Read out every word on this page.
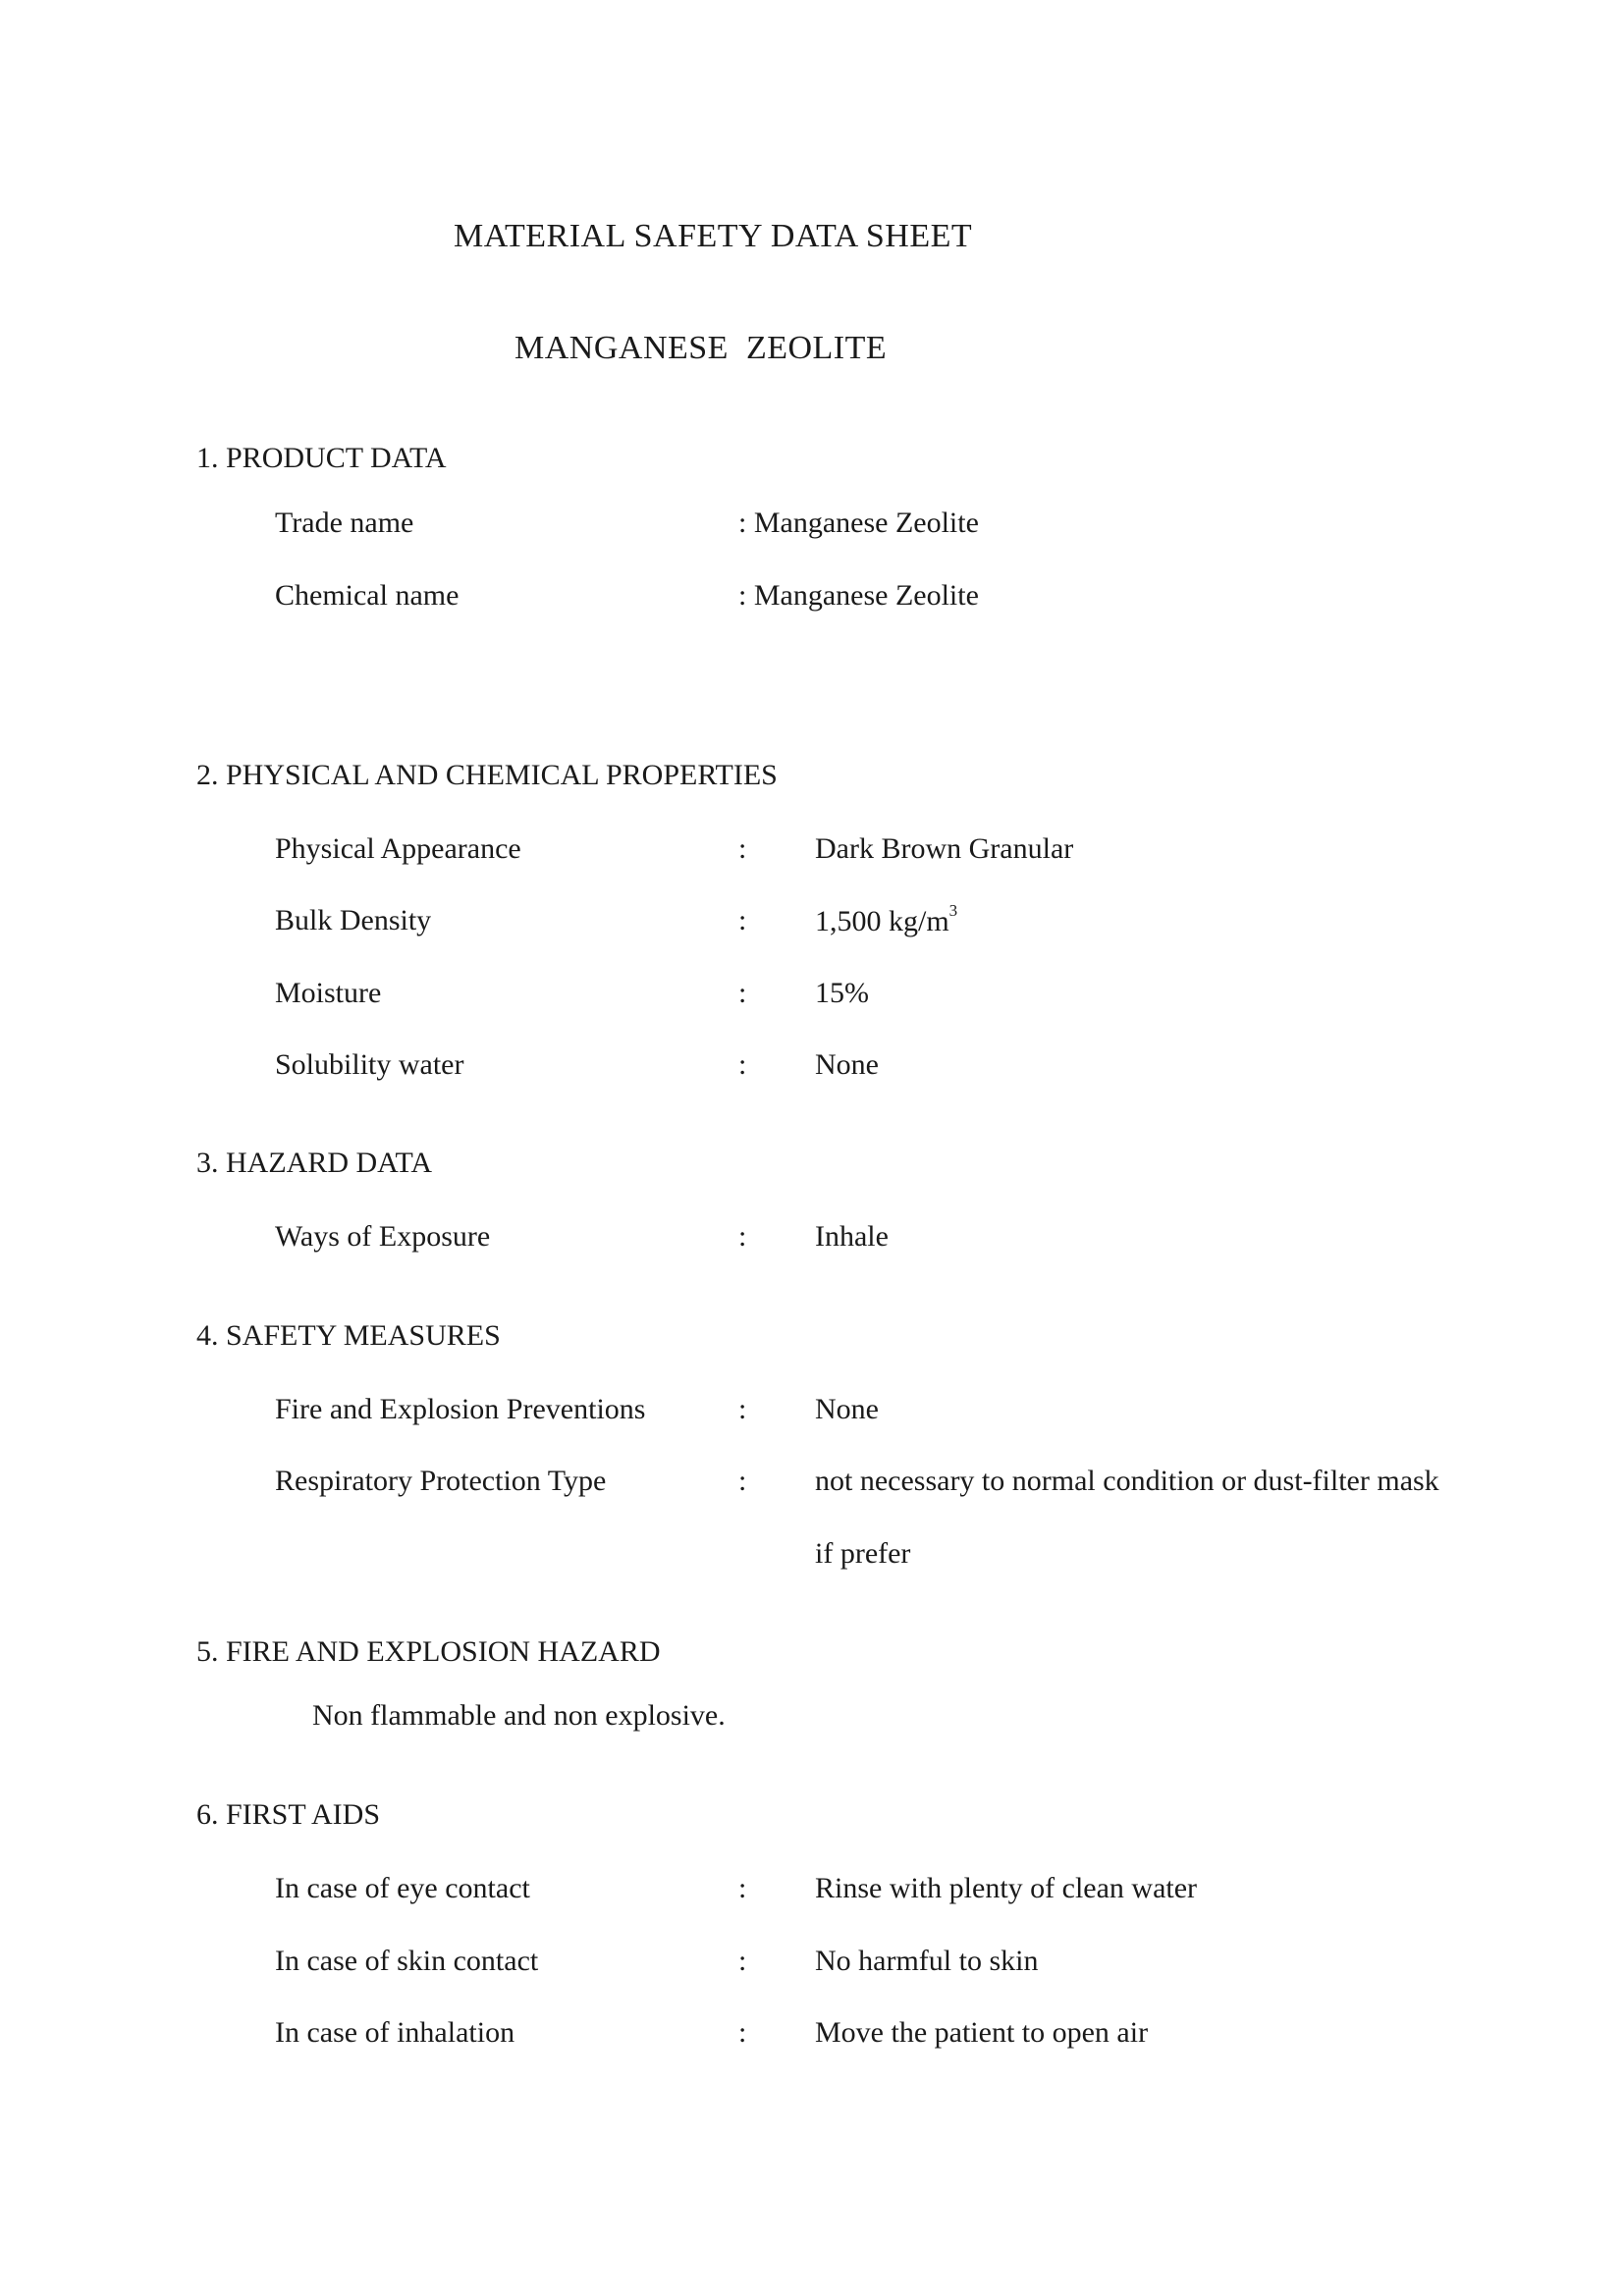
MATERIAL SAFETY DATA SHEET
MANGANESE  ZEOLITE
1. PRODUCT DATA
Trade name	: Manganese Zeolite
Chemical name	: Manganese Zeolite
2. PHYSICAL AND CHEMICAL PROPERTIES
Physical Appearance	: Dark Brown Granular
Bulk Density	: 1,500 $kg/m^3$
Moisture	: 15%
Solubility water	: None
3. HAZARD DATA
Ways of Exposure	: Inhale
4. SAFETY MEASURES
Fire and Explosion Preventions	: None
Respiratory Protection Type	: not necessary to normal condition or dust-filter mask
if prefer
5. FIRE AND EXPLOSION HAZARD
Non flammable and non explosive.
6. FIRST AIDS
In case of eye contact	: Rinse with plenty of clean water
In case of skin contact	: No harmful to skin
In case of inhalation	: Move the patient to open air
